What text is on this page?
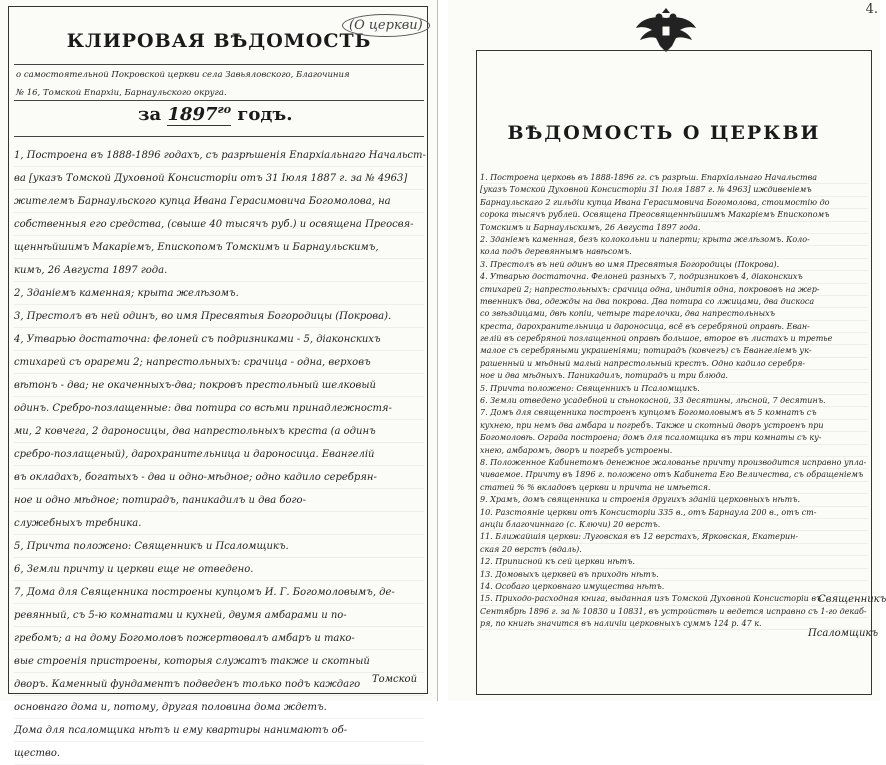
КЛИРОВАЯ ВѢДОМОСТЬ
(О церкви)
о самостоятельной Покровской церкви села Завьяловского, Благочиния
№ 16, Томской Епархіи, Барнаульского округа.
за $1897^{го}$ годъ.
1, Построена въ 1888-1896 годахъ, съ разрѣшенія Епархіальнаго Начальст-
ва [указъ Томской Духовной Консисторіи отъ 31 Іюля 1887 г. за № 4963]
жителемъ Барнаульского купца Ивана Герасимовича Богомолова, на
собственныя его средства, (свыше 40 тысячъ руб.) и освящена Преосвя-
щеннѣйшимъ Макаріемъ, Епископомъ Томскимъ и Барнаульскимъ,
кимъ, 26 Августа 1897 года.
2, Зданіемъ каменная; крыта желѣзомъ.
3, Престолъ въ ней одинъ, во имя Пресвятыя Богородицы (Покрова).
4, Утварью достаточна: фелоней съ подризниками - 5, діаконскихъ
стихарей съ орареми 2; напрестольныхъ: срачица - одна, верховъ
вѣтонъ - два; не окаченныхъ-два; покровъ престольный шелковый
одинъ. Сребро-позлащенные: два потира со всѣми принадлежностя-
ми, 2 ковчега, 2 дароносицы, два напрестольныхъ креста (а одинъ
сребро-позлащеный), дарохранительница и дароносица. Евангелій
въ окладахъ, богатыхъ - два и одно-мѣдное; одно кадило серебрян-
ное и одно мѣдное; потирадъ, паникадилъ и два бого-
служебныхъ требника.
5, Причта положено: Священникъ и Псаломщикъ.
6, Земли причту и церкви еще не отведено.
7, Дома для Священника построены купцомъ И. Г. Богомоловымъ, де-
ревянный, съ 5-ю комнатами и кухней, двумя амбарами и по-
гребомъ; а на дому Богомоловъ пожертвовалъ амбаръ и тако-
вые строенія пристроены, которыя служатъ также и скотный
дворъ. Каменный фундаментъ подведенъ только подъ каждаго
основнаго дома и, потому, другая половина дома ждетъ.
Дома для псаломщика нѣтъ и ему квартиры нанимаютъ об-
щество.
Томской
4.
ВѢДОМОСТЬ О ЦЕРКВИ
1. Построена церковь въ 1888-1896 гг. съ разрѣш. Епархіальнаго Начальства
[указъ Томской Духовной Консисторіи 31 Іюля 1887 г. № 4963] иждивеніемъ
Барнаульскаго 2 гильдіи купца Ивана Герасимовича Богомолова, стоимостію до
сорока тысячъ рублей. Освящена Преосвященнѣйшимъ Макаріемъ Епископомъ
Томскимъ и Барнаульскимъ, 26 Августа 1897 года.
2. Зданіемъ каменная, безъ колокольни и паперти; крыта желѣзомъ. Коло-
кола подъ деревяннымъ навѣсомъ.
3. Престолъ въ ней одинъ во имя Пресвятыя Богородицы (Покрова).
4. Утварью достаточна. Фелоней разныхъ 7, подризниковъ 4, діаконскихъ
стихарей 2; напрестольныхъ: срачица одна, индитія одна, покрововъ на жер-
твенникъ два, одежды на два покрова. Два потира со лжицами, два дискоса
со звѣздицами, двѣ копіи, четыре тарелочки, два напрестольныхъ
креста, дарохранительница и дароносица, всё въ серебряной оправѣ. Еван-
гелій въ серебряной позлащенной оправѣ большое, второе въ листахъ и третье
малое съ серебряными украшеніями; потирадъ (ковчегъ) съ Евангеліемъ ук-
рашенный и мѣдный малый напрестольный крестъ. Одно кадило серебря-
ное и два мѣдныхъ. Паникадилъ, потирадъ и три блюда.
5. Причта положено: Священникъ и Псаломщикъ.
6. Земли отведено усадебной и сѣнокосной, 33 десятины, лѣсной, 7 десятинъ.
7. Домъ для священника построенъ купцомъ Богомоловымъ въ 5 комнатъ съ
кухнею, при немъ два амбара и погребъ. Также и скотный дворъ устроенъ при
Богомоловѣ. Ограда построена; домъ для псаломщика въ три комнаты съ ку-
хнею, амбаромъ, дворъ и погребъ устроены.
8. Положенное Кабинетомъ денежное жалованье причту производится исправно упла-
чиваемое. Причту въ 1896 г. положено отъ Кабинета Его Величества, съ обращеніемъ
статей % % вкладовъ церкви и причта не имѣется.
9. Храмъ, домъ священника и строенія другихъ зданій церковныхъ нѣтъ.
10. Разстояніе церкви отъ Консисторіи 335 в., отъ Барнаула 200 в., отъ ст-
анціи благочиннаго (с. Ключи) 20 верстъ.
11. Ближайшія церкви: Луговская въ 12 верстахъ, Ярковская, Екатерин-
ская 20 верстъ (вдаль).
12. Приписной къ сей церкви нѣтъ.
13. Домовыхъ церквей въ приходѣ нѣтъ.
14. Особаго церковнаго имущества нѣтъ.
15. Приходо-расходная книга, выданная изъ Томской Духовной Консисторіи въ
Сентябрѣ 1896 г. за № 10830 и 10831, въ устройствѣ и ведется исправно съ 1-го декаб-
ря, по книгѣ значится въ наличіи церковныхъ суммъ 124 р. 47 к.
Священникъ
Псаломщикъ
